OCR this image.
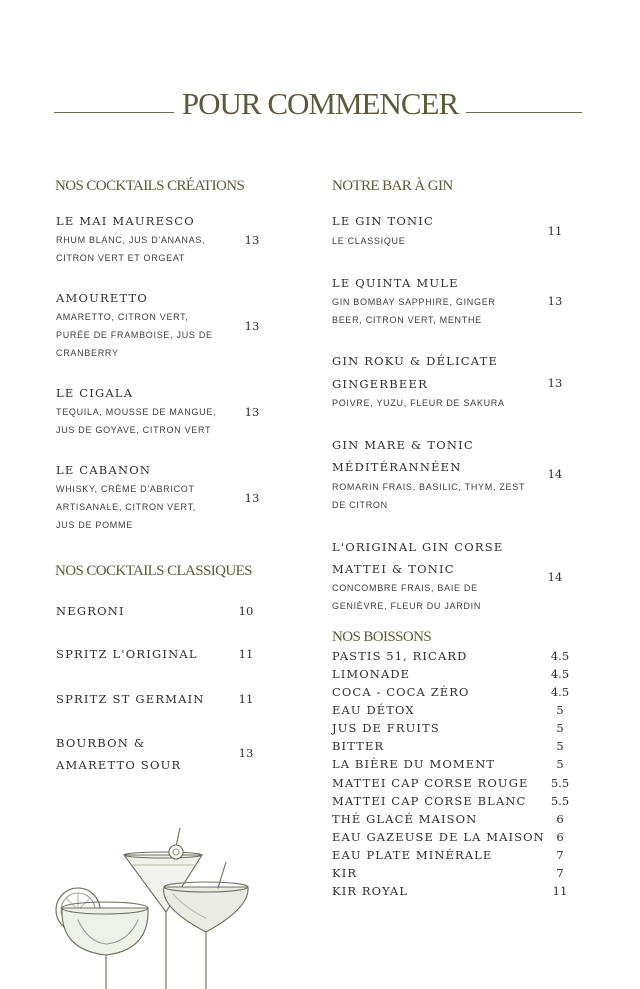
POUR COMMENCER
NOS COCKTAILS CRÉATIONS
LE MAI MAURESCO
RHUM BLANC, JUS D'ANANAS,
CITRON VERT ET ORGEAT
13
AMOURETTO
AMARETTO, CITRON VERT,
PURÉE DE FRAMBOISE, JUS DE
CRANBERRY
13
LE CIGALA
TEQUILA, MOUSSE DE MANGUE,
JUS DE GOYAVE, CITRON VERT
13
LE CABANON
WHISKY, CRÈME D'ABRICOT
ARTISANALE, CITRON VERT,
JUS DE POMME
13
NOS COCKTAILS CLASSIQUES
NEGRONI	10
SPRITZ L'ORIGINAL	11
SPRITZ ST GERMAIN	11
BOURBON &
AMARETTO SOUR
13
NOTRE BAR À GIN
LE GIN TONIC
LE CLASSIQUE
11
LE QUINTA MULE
GIN BOMBAY SAPPHIRE, GINGER
BEER, CITRON VERT, MENTHE
13
GIN ROKU & DÉLICATE
GINGERBEER
POIVRE, YUZU, FLEUR DE SAKURA
13
GIN MARE & TONIC
MÉDITÉRANNÉEN
ROMARIN FRAIS, BASILIC, THYM, ZEST
DE CITRON
14
L'ORIGINAL GIN CORSE
MATTEI & TONIC
CONCOMBRE FRAIS, BAIE DE
GENIÈVRE, FLEUR DU JARDIN
14
NOS BOISSONS
PASTIS 51, RICARD	4.5
LIMONADE	4.5
COCA - COCA ZÉRO	4.5
EAU DÉTOX	5
JUS DE FRUITS	5
BITTER	5
LA BIÈRE DU MOMENT	5
MATTEI CAP CORSE ROUGE	5.5
MATTEI CAP CORSE BLANC	5.5
THÉ GLACÉ MAISON	6
EAU GAZEUSE DE LA MAISON	6
EAU PLATE MINÉRALE	7
KIR	7
KIR ROYAL	11
